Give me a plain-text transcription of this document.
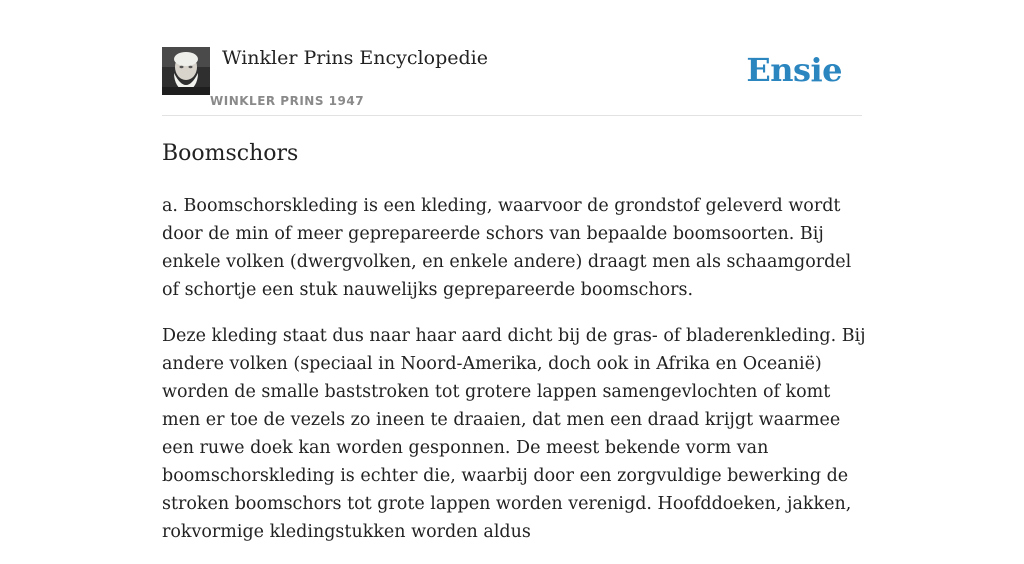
Winkler Prins Encyclopedie
WINKLER PRINS 1947
Ensie
Boomschors

a. Boomschorskleding is een kleding, waarvoor de grondstof geleverd wordt door de min of meer geprepareerde schors van bepaalde boomsoorten. Bij enkele volken (dwergvolken, en enkele andere) draagt men als schaamgordel of schortje een stuk nauwelijks geprepareerde boomschors.

Deze kleding staat dus naar haar aard dicht bij de gras- of bladerenkleding. Bij andere volken (speciaal in Noord-Amerika, doch ook in Afrika en Oceanië) worden de smalle baststroken tot grotere lappen samengevlochten of komt men er toe de vezels zo ineen te draaien, dat men een draad krijgt waarmee een ruwe doek kan worden gesponnen. De meest bekende vorm van boomschorskleding is echter die, waarbij door een zorgvuldige bewerking de stroken boomschors tot grote lappen worden verenigd. Hoofddoeken, jakken, rokvormige kledingstukken worden aldus
